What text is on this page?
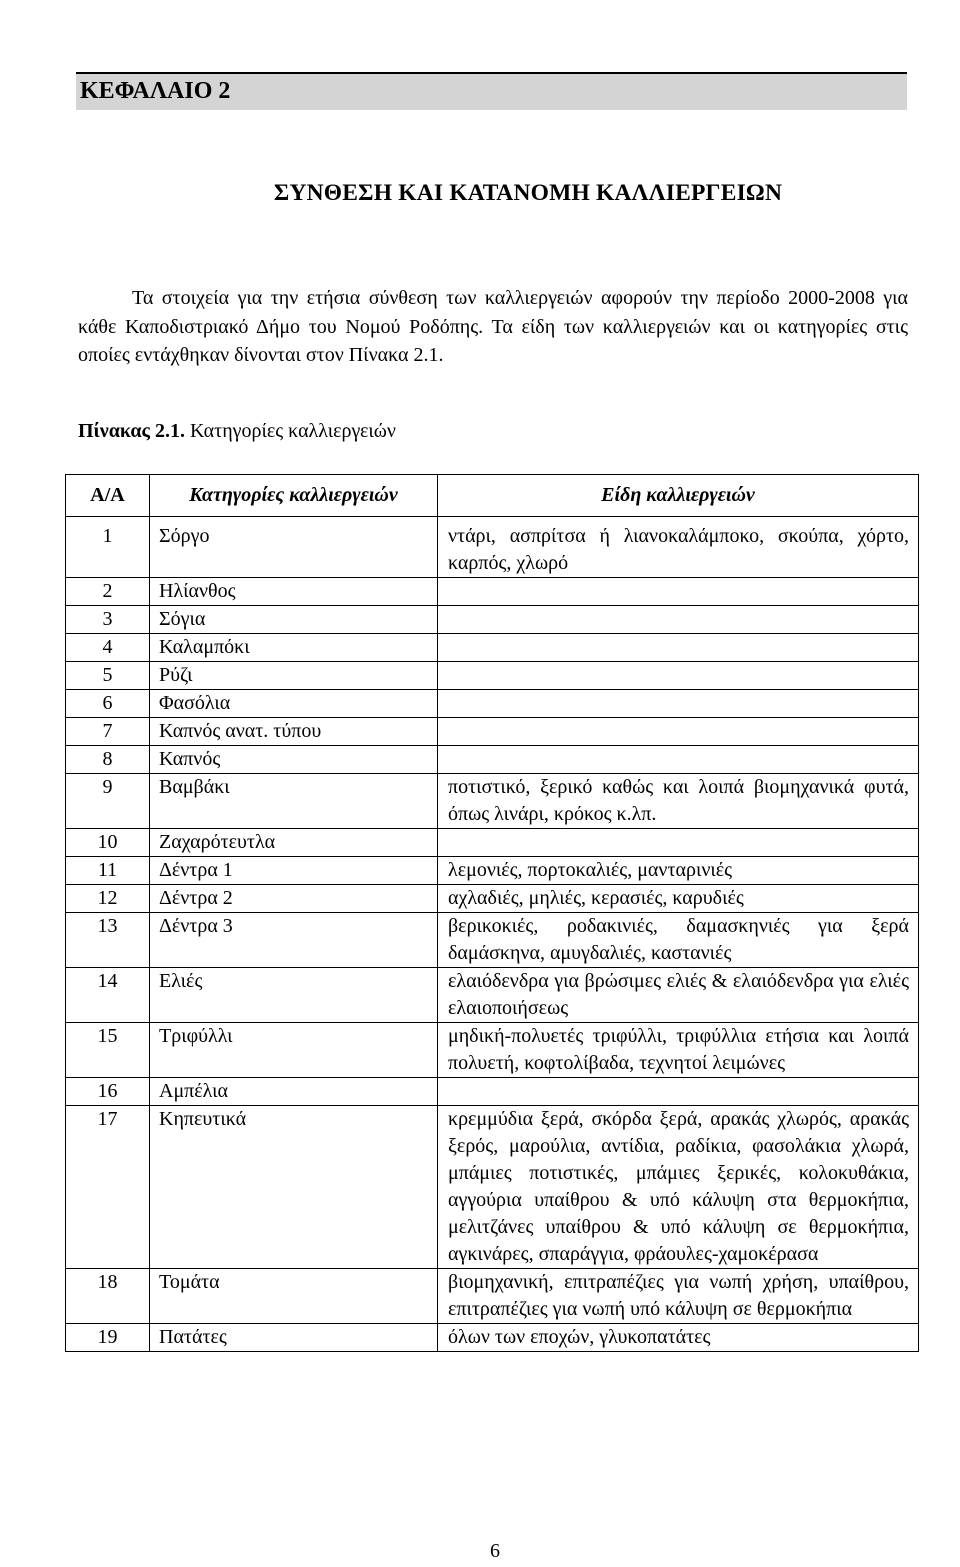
ΚΕΦΑΛΑΙΟ 2
ΣΥΝΘΕΣΗ ΚΑΙ ΚΑΤΑΝΟΜΗ ΚΑΛΛΙΕΡΓΕΙΩΝ

Τα στοιχεία για την ετήσια σύνθεση των καλλιεργειών αφορούν την περίοδο 2000-2008 για κάθε Καποδιστριακό Δήμο του Νομού Ροδόπης. Τα είδη των καλλιεργειών και οι κατηγορίες στις οποίες εντάχθηκαν δίνονται στον Πίνακα 2.1.

Πίνακας 2.1. Κατηγορίες καλλιεργειών
Α/Α	Κατηγορίες καλλιεργειών	Είδη καλλιεργειών
1	Σόργο	ντάρι, ασπρίτσα ή λιανοκαλάμποκο, σκούπα, χόρτο, καρπός, χλωρό
2	Ηλίανθος	
3	Σόγια	
4	Καλαμπόκι	
5	Ρύζι	
6	Φασόλια	
7	Καπνός ανατ. τύπου	
8	Καπνός	
9	Βαμβάκι	ποτιστικό, ξερικό καθώς και λοιπά βιομηχανικά φυτά, όπως λινάρι, κρόκος κ.λπ.
10	Ζαχαρότευτλα	
11	Δέντρα 1	λεμονιές, πορτοκαλιές, μανταρινιές
12	Δέντρα 2	αχλαδιές, μηλιές, κερασιές, καρυδιές
13	Δέντρα 3	βερικοκιές, ροδακινιές, δαμασκηνιές για ξερά δαμάσκηνα, αμυγδαλιές, καστανιές
14	Ελιές	ελαιόδενδρα για βρώσιμες ελιές & ελαιόδενδρα για ελιές ελαιοποιήσεως
15	Τριφύλλι	μηδική-πολυετές τριφύλλι, τριφύλλια ετήσια και λοιπά πολυετή, κοφτολίβαδα, τεχνητοί λειμώνες
16	Αμπέλια	
17	Κηπευτικά	κρεμμύδια ξερά, σκόρδα ξερά, αρακάς χλωρός, αρακάς ξερός, μαρούλια, αντίδια, ραδίκια, φασολάκια χλωρά, μπάμιες ποτιστικές, μπάμιες ξερικές, κολοκυθάκια, αγγούρια υπαίθρου & υπό κάλυψη στα θερμοκήπια, μελιτζάνες υπαίθρου & υπό κάλυψη σε θερμοκήπια, αγκινάρες, σπαράγγια, φράουλες-χαμοκέρασα
18	Τομάτα	βιομηχανική, επιτραπέζιες για νωπή χρήση, υπαίθρου, επιτραπέζιες για νωπή υπό κάλυψη σε θερμοκήπια
19	Πατάτες	όλων των εποχών, γλυκοπατάτες
6
